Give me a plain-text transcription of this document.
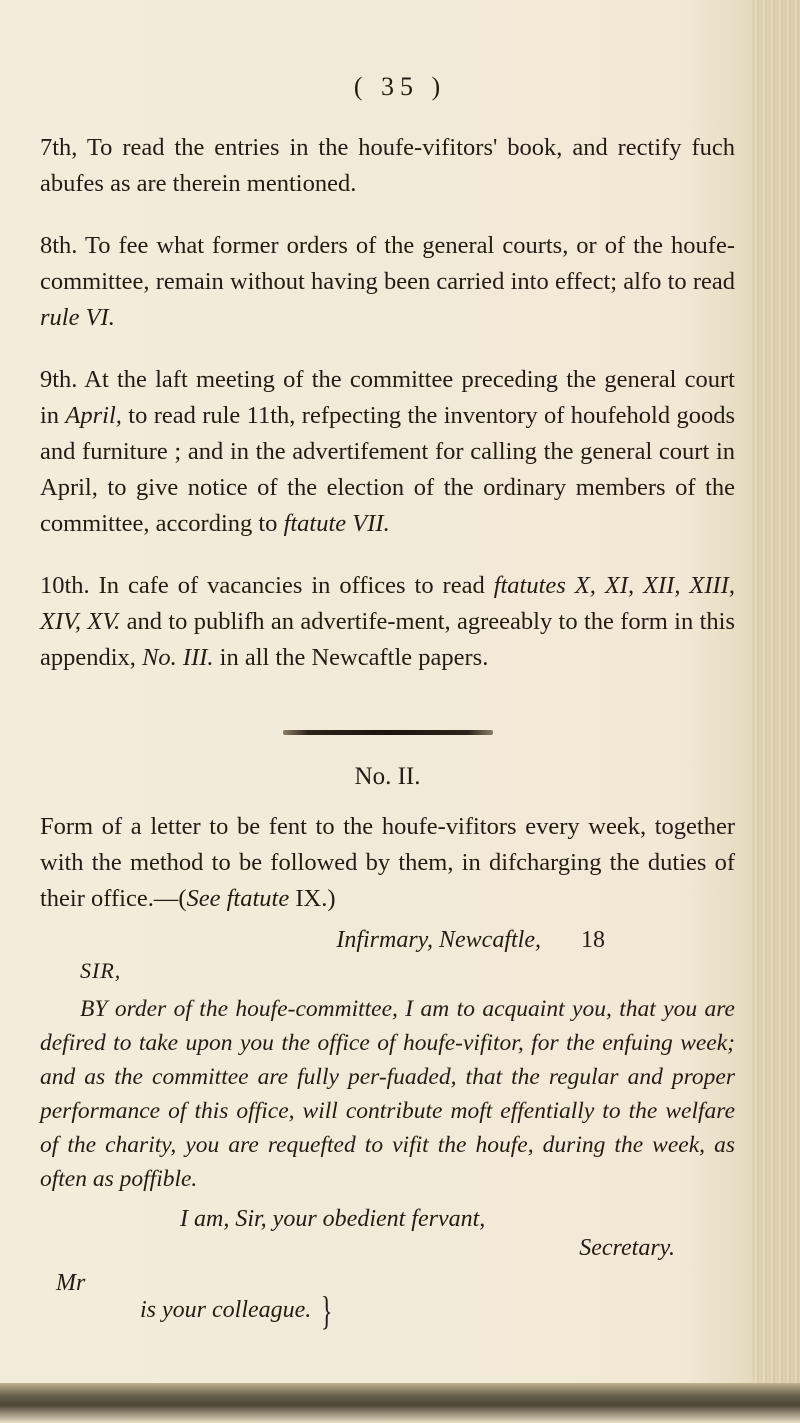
( 35 )

7th, To read the entries in the houfe-vifitors' book, and rectify fuch abufes as are therein mentioned.

8th. To fee what former orders of the general courts, or of the houfe-committee, remain without having been carried into effect; alfo to read rule VI.

9th. At the laft meeting of the committee preceding the general court in April, to read rule 11th, refpecting the inventory of houfehold goods and furniture ; and in the advertifement for calling the general court in April, to give notice of the election of the ordinary members of the committee, according to ftatute VII.

10th. In cafe of vacancies in offices to read ftatutes X, XI, XII, XIII, XIV, XV. and to publifh an advertife-ment, agreeably to the form in this appendix, No. III. in all the Newcaftle papers.

No. II.

Form of a letter to be fent to the houfe-vifitors every week, together with the method to be followed by them, in difcharging the duties of their office.—(See ftatute IX.)

Infirmary, Newcaftle, 18
SIR,

BY order of the houfe-committee, I am to acquaint you, that you are defired to take upon you the office of houfe-vifitor, for the enfuing week; and as the committee are fully per-fuaded, that the regular and proper performance of this office, will contribute moft effentially to the welfare of the charity, you are requefted to vifit the houfe, during the week, as often as poffible.

I am, Sir, your obedient fervant,
Secretary.
Mr
is your colleague. }
